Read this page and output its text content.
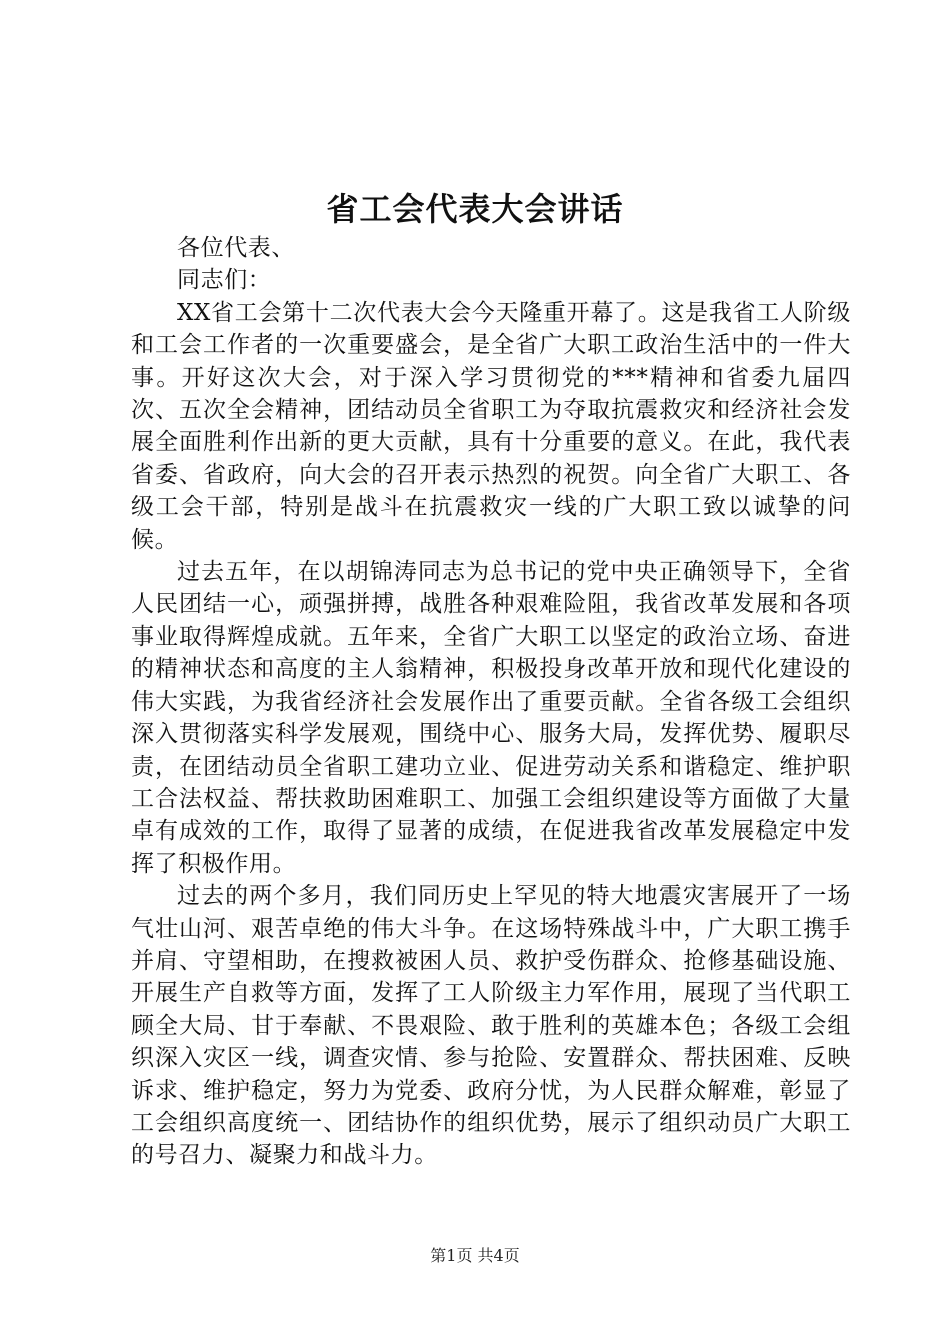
省工会代表大会讲话

各位代表、

同志们：

XX省工会第十二次代表大会今天隆重开幕了。这是我省工人阶级和工会工作者的一次重要盛会，是全省广大职工政治生活中的一件大事。开好这次大会，对于深入学习贯彻党的***精神和省委九届四次、五次全会精神，团结动员全省职工为夺取抗震救灾和经济社会发展全面胜利作出新的更大贡献，具有十分重要的意义。在此，我代表省委、省政府，向大会的召开表示热烈的祝贺。向全省广大职工、各级工会干部，特别是战斗在抗震救灾一线的广大职工致以诚挚的问候。

过去五年，在以胡锦涛同志为总书记的党中央正确领导下，全省人民团结一心，顽强拼搏，战胜各种艰难险阻，我省改革发展和各项事业取得辉煌成就。五年来，全省广大职工以坚定的政治立场、奋进的精神状态和高度的主人翁精神，积极投身改革开放和现代化建设的伟大实践，为我省经济社会发展作出了重要贡献。全省各级工会组织深入贯彻落实科学发展观，围绕中心、服务大局，发挥优势、履职尽责，在团结动员全省职工建功立业、促进劳动关系和谐稳定、维护职工合法权益、帮扶救助困难职工、加强工会组织建设等方面做了大量卓有成效的工作，取得了显著的成绩，在促进我省改革发展稳定中发挥了积极作用。

过去的两个多月，我们同历史上罕见的特大地震灾害展开了一场气壮山河、艰苦卓绝的伟大斗争。在这场特殊战斗中，广大职工携手并肩、守望相助，在搜救被困人员、救护受伤群众、抢修基础设施、开展生产自救等方面，发挥了工人阶级主力军作用，展现了当代职工顾全大局、甘于奉献、不畏艰险、敢于胜利的英雄本色；各级工会组织深入灾区一线，调查灾情、参与抢险、安置群众、帮扶困难、反映诉求、维护稳定，努力为党委、政府分忧，为人民群众解难，彰显了工会组织高度统一、团结协作的组织优势，展示了组织动员广大职工的号召力、凝聚力和战斗力。

第1页 共4页
